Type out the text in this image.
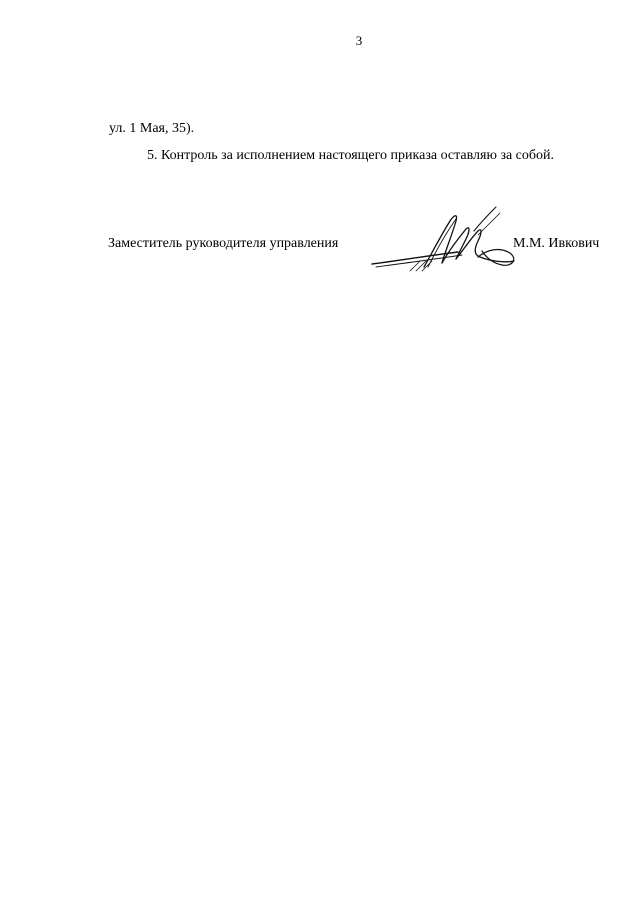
3
ул. 1 Мая, 35).
5. Контроль за исполнением настоящего приказа оставляю за собой.
Заместитель руководителя управления	М.М. Ивкович
